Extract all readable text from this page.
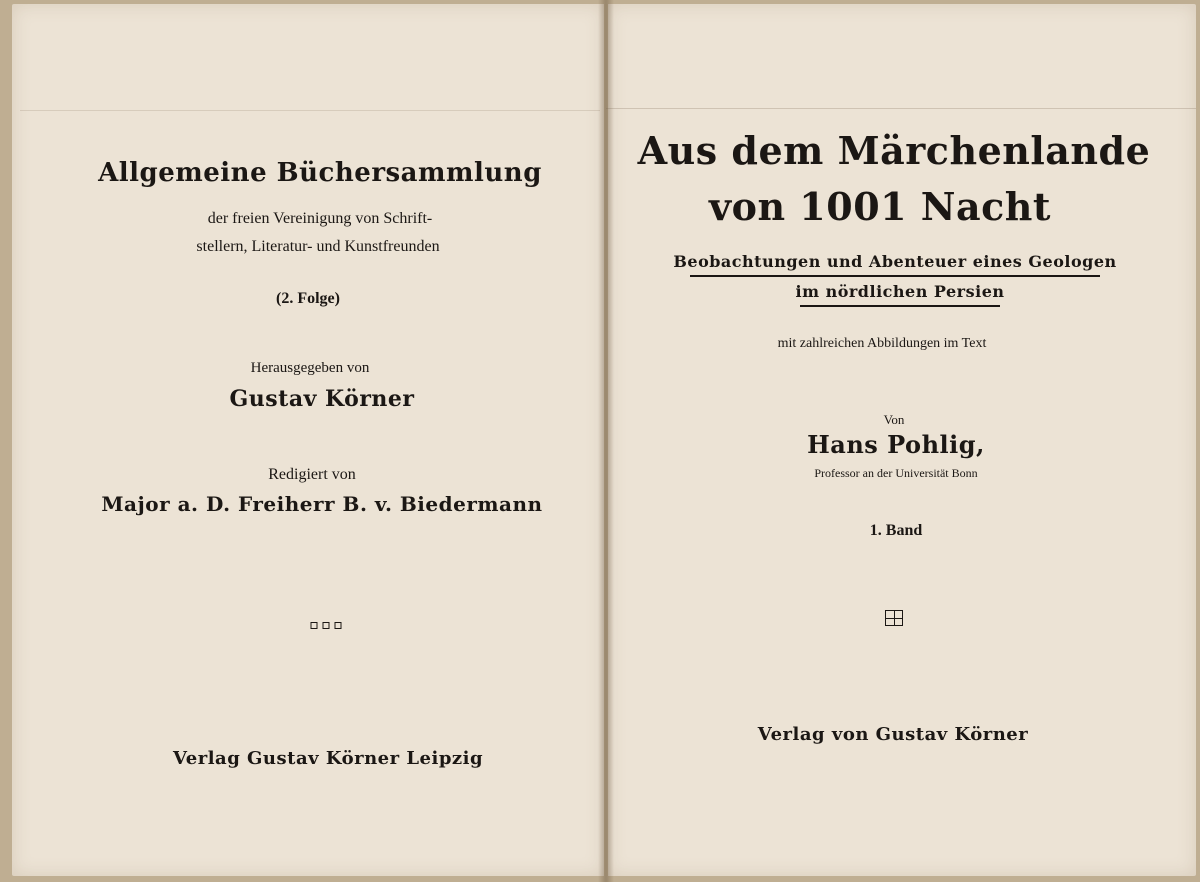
Allgemeine Büchersammlung
der freien Vereinigung von Schrift-
stellern, Literatur- und Kunstfreunden
(2. Folge)
Herausgegeben von
Gustav Körner
Redigiert von
Major a. D. Freiherr B. v. Biedermann
Verlag Gustav Körner Leipzig
Aus dem Märchenlande
von 1001 Nacht
Beobachtungen und Abenteuer eines Geologen
im nördlichen Persien
mit zahlreichen Abbildungen im Text
Von
Hans Pohlig,
Professor an der Universität Bonn
1. Band
Verlag von Gustav Körner
